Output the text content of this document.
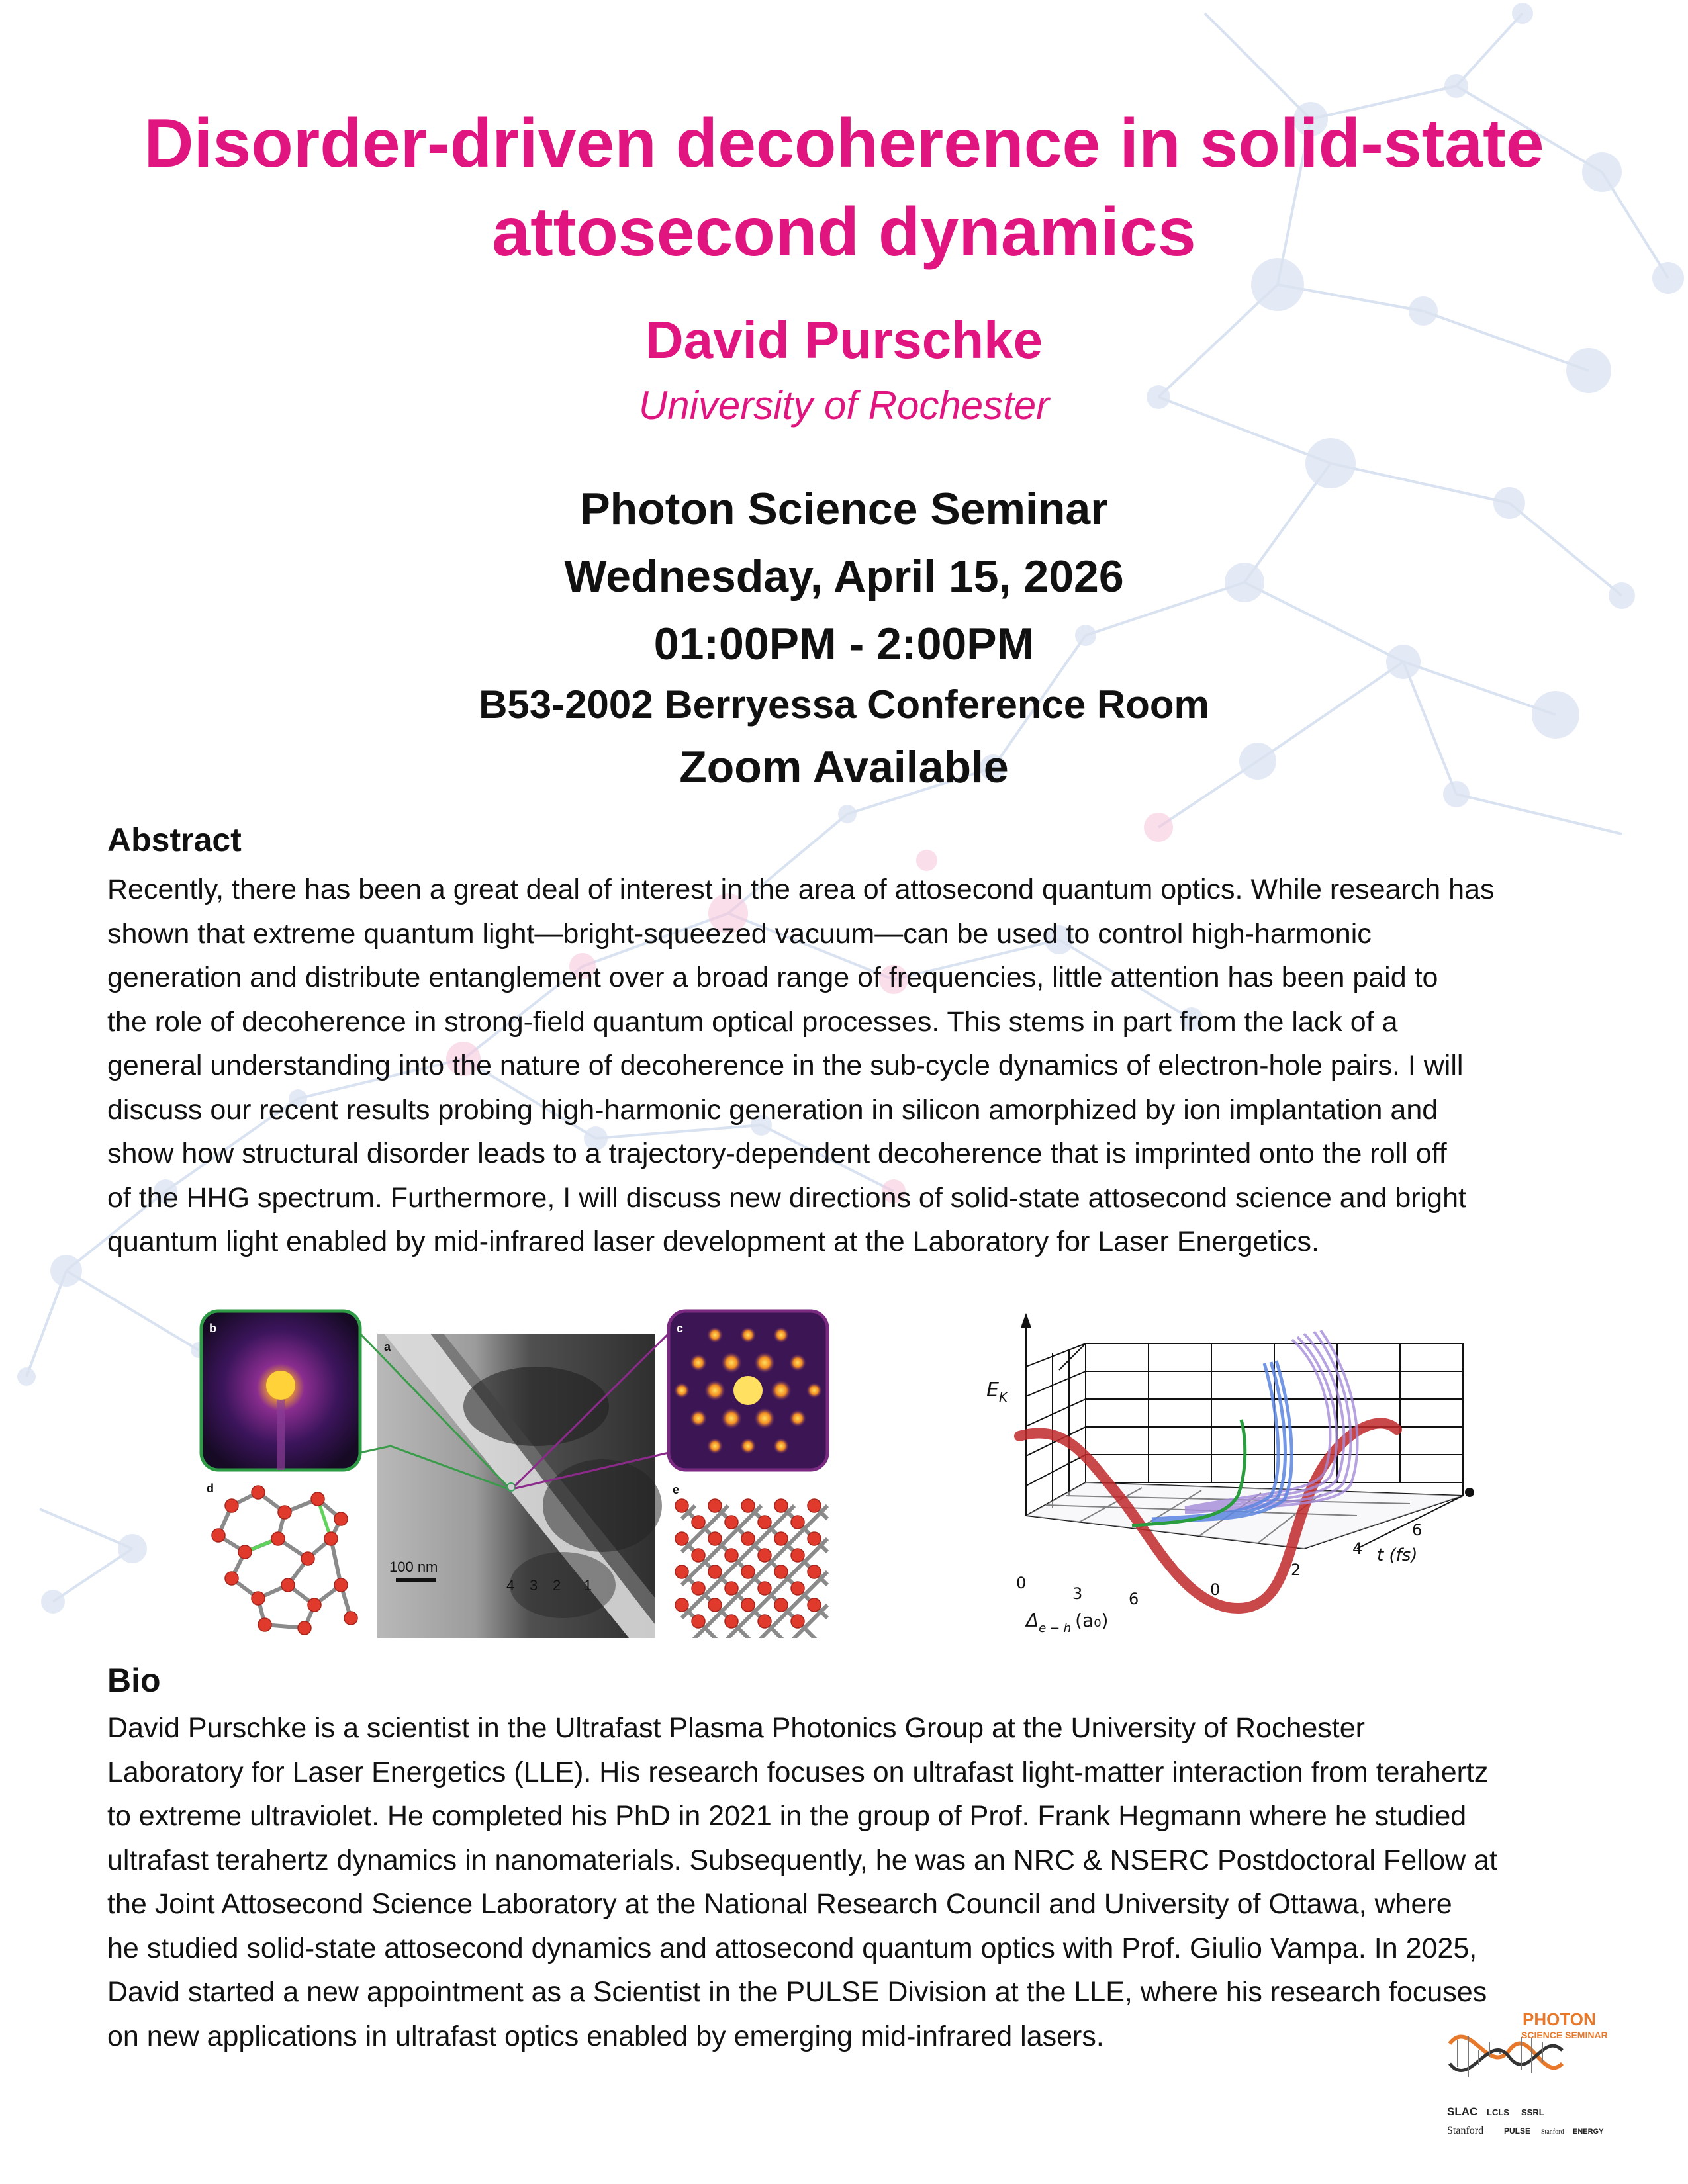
Disorder-driven decoherence in solid-state
attosecond dynamics
David Purschke
University of Rochester
Photon Science Seminar
Wednesday, April 15, 2026
01:00PM - 2:00PM
B53-2002 Berryessa Conference Room
Zoom Available
Abstract
Recently, there has been a great deal of interest in the area of attosecond quantum optics. While research has
shown that extreme quantum light—bright-squeezed vacuum—can be used to control high-harmonic
generation and distribute entanglement over a broad range of frequencies, little attention has been paid to
the role of decoherence in strong-field quantum optical processes. This stems in part from the lack of a
general understanding into the nature of decoherence in the sub-cycle dynamics of electron-hole pairs. I will
discuss our recent results probing high-harmonic generation in silicon amorphized by ion implantation and
show how structural disorder leads to a trajectory-dependent decoherence that is imprinted onto the roll off
of the HHG spectrum. Furthermore, I will discuss new directions of solid-state attosecond science and bright
quantum light enabled by mid-infrared laser development at the Laboratory for Laser Energetics.
a
100 nm
4 3 2 1
b	c
d	e
$E_K$
0
3	6
$\Delta_{e - h}$ (a₀)
0
2
4
6
t (fs)
Bio
David Purschke is a scientist in the Ultrafast Plasma Photonics Group at the University of Rochester
Laboratory for Laser Energetics (LLE). His research focuses on ultrafast light-matter interaction from terahertz
to extreme ultraviolet. He completed his PhD in 2021 in the group of Prof. Frank Hegmann where he studied
ultrafast terahertz dynamics in nanomaterials. Subsequently, he was an NRC & NSERC Postdoctoral Fellow at
the Joint Attosecond Science Laboratory at the National Research Council and University of Ottawa, where
he studied solid-state attosecond dynamics and attosecond quantum optics with Prof. Giulio Vampa. In 2025,
David started a new appointment as a Scientist in the PULSE Division at the LLE, where his research focuses
on new applications in ultrafast optics enabled by emerging mid-infrared lasers.
PHOTON
SCIENCE SEMINAR
SLAC LCLS SSRL
Stanford	PULSE Stanford ENERGY
